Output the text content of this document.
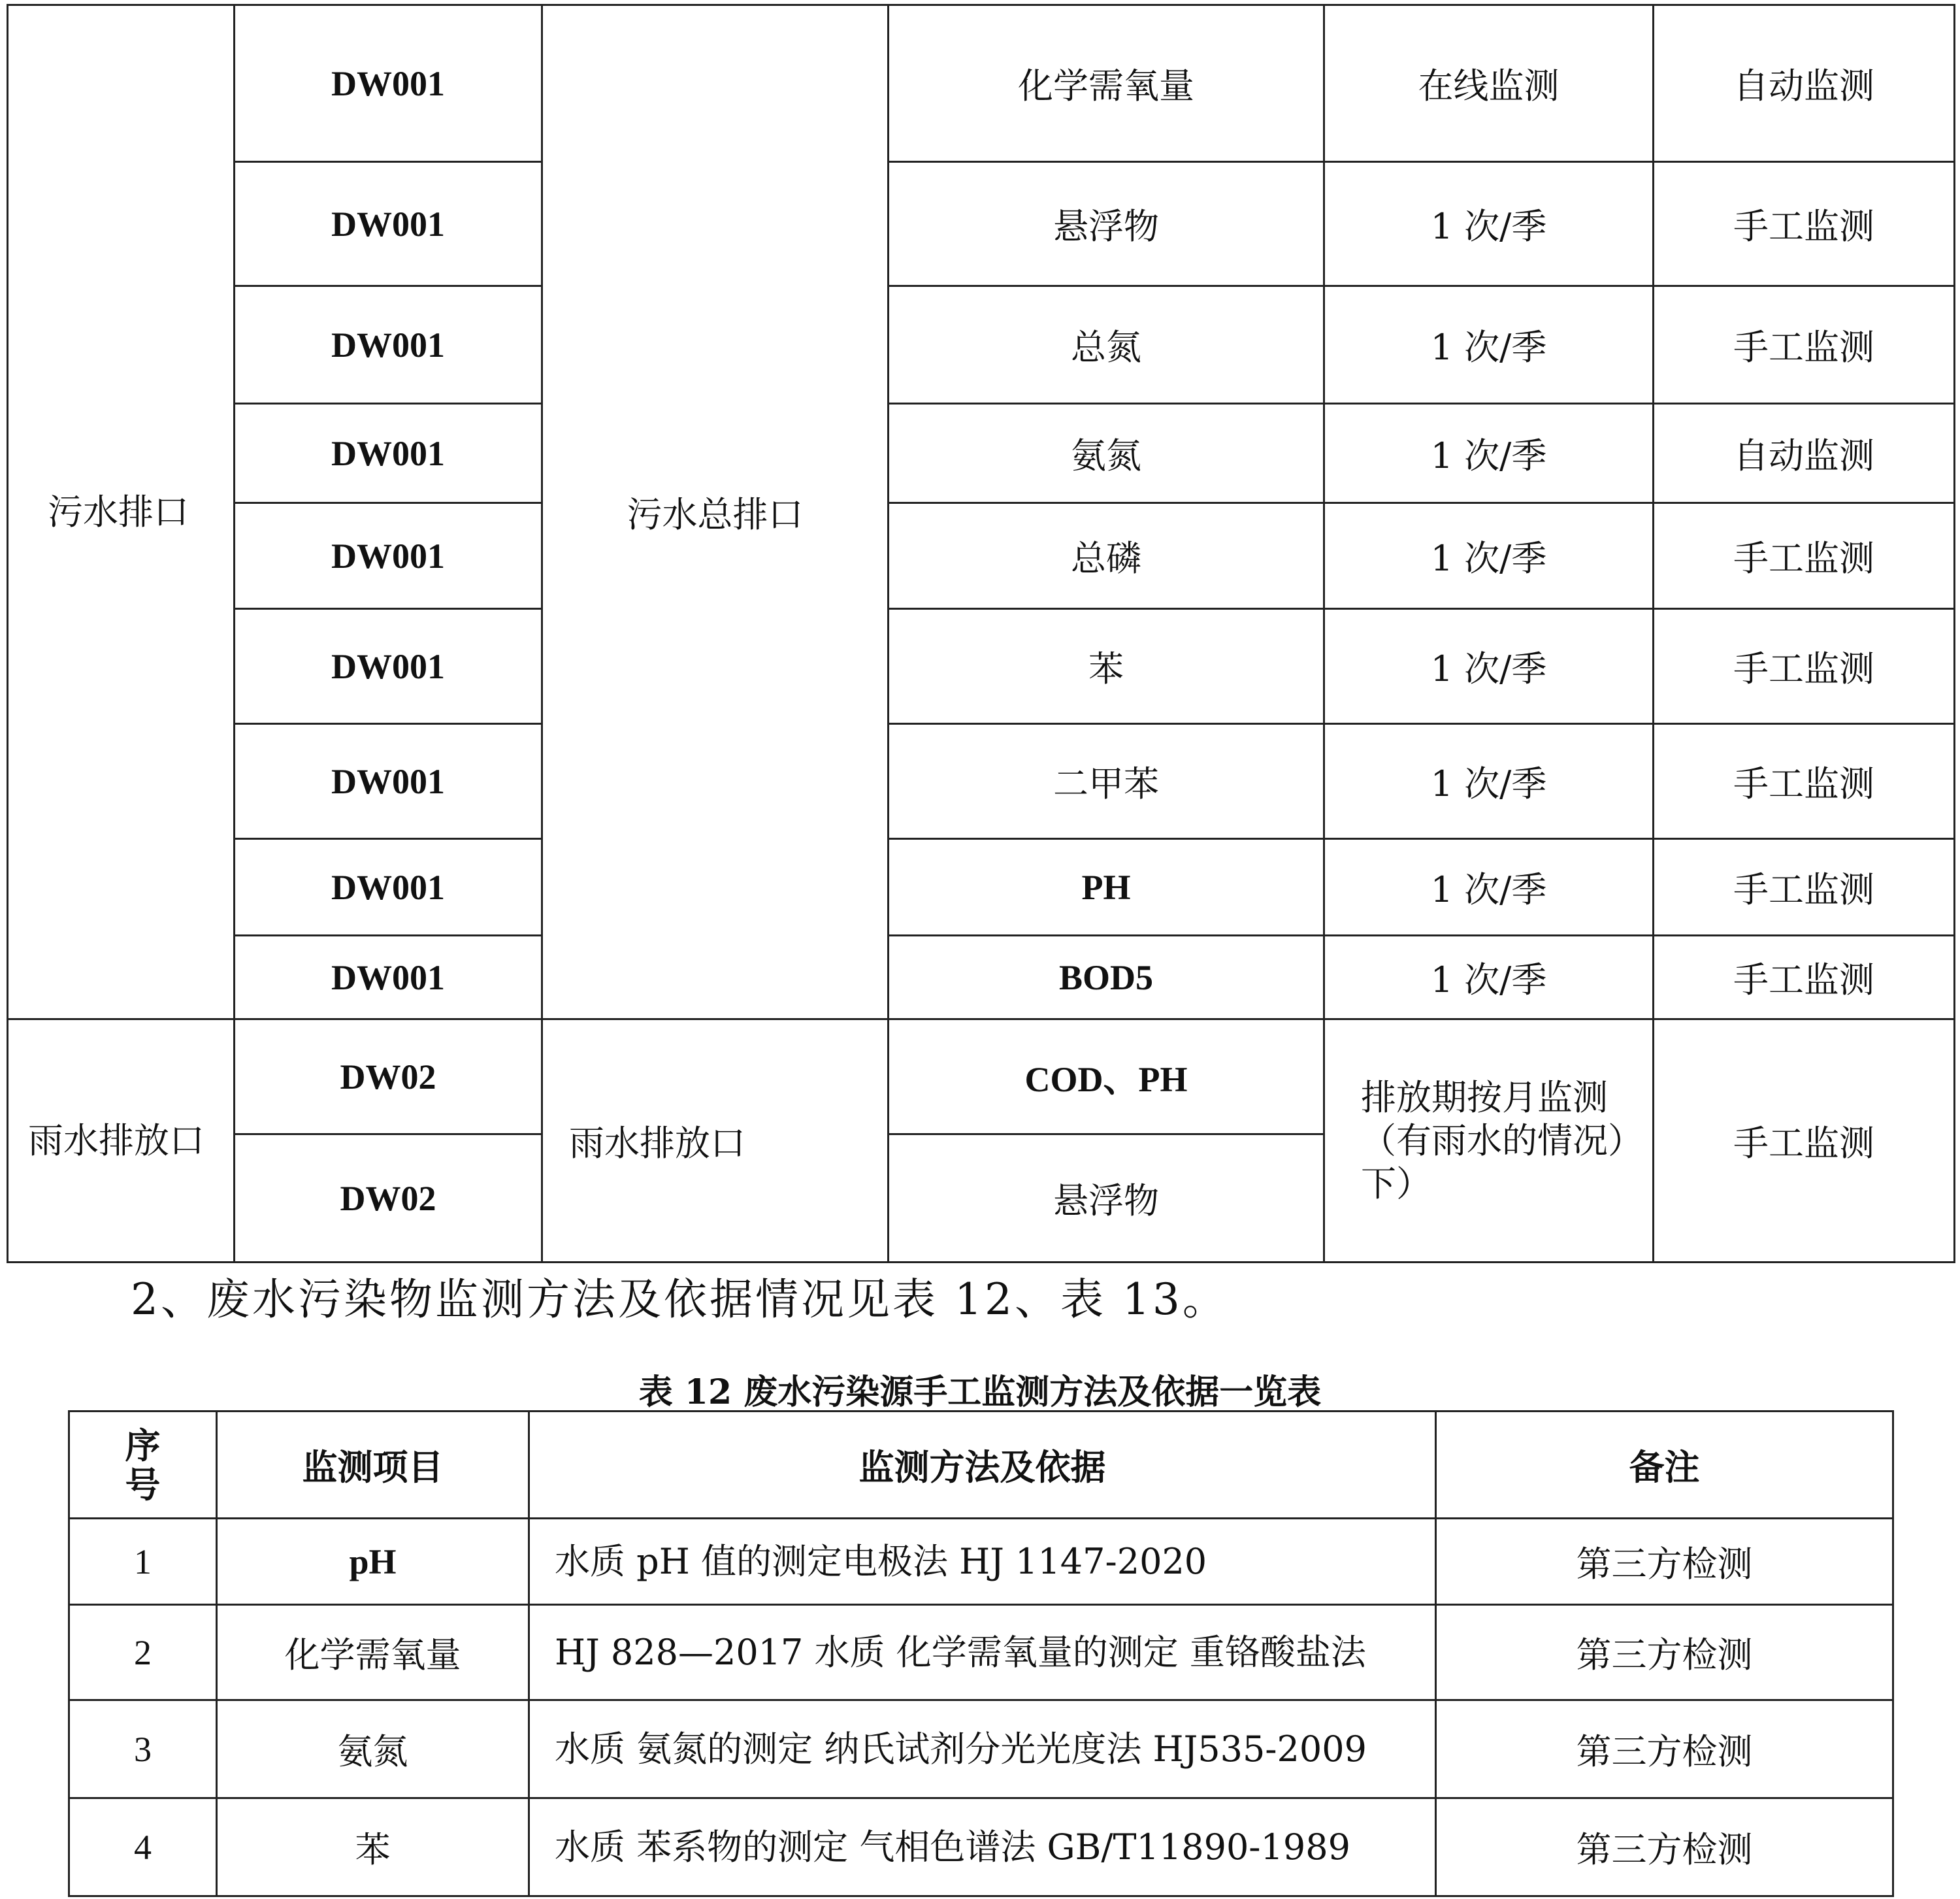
污水排口	DW001	污水总排口	化学需氧量	在线监测	自动监测
	DW001		悬浮物	1 次/季	手工监测
	DW001		总氮	1 次/季	手工监测
	DW001		氨氮	1 次/季	自动监测
	DW001		总磷	1 次/季	手工监测
	DW001		苯	1 次/季	手工监测
	DW001		二甲苯	1 次/季	手工监测
	DW001		PH	1 次/季	手工监测
	DW001		BOD5	1 次/季	手工监测
雨水排放口	DW02	雨水排放口	COD、PH	排放期按月监测（有雨水的情况）下）	手工监测
	DW02		悬浮物		

2、废水污染物监测方法及依据情况见表 12、表 13。

表 12 废水污染源手工监测方法及依据一览表

序号	监测项目	监测方法及依据	备注
1	pH	水质 pH 值的测定电极法 HJ 1147-2020	第三方检测
2	化学需氧量	HJ 828—2017 水质 化学需氧量的测定 重铬酸盐法	第三方检测
3	氨氮	水质 氨氮的测定 纳氏试剂分光光度法 HJ535-2009	第三方检测
4	苯	水质 苯系物的测定 气相色谱法 GB/T11890-1989	第三方检测
